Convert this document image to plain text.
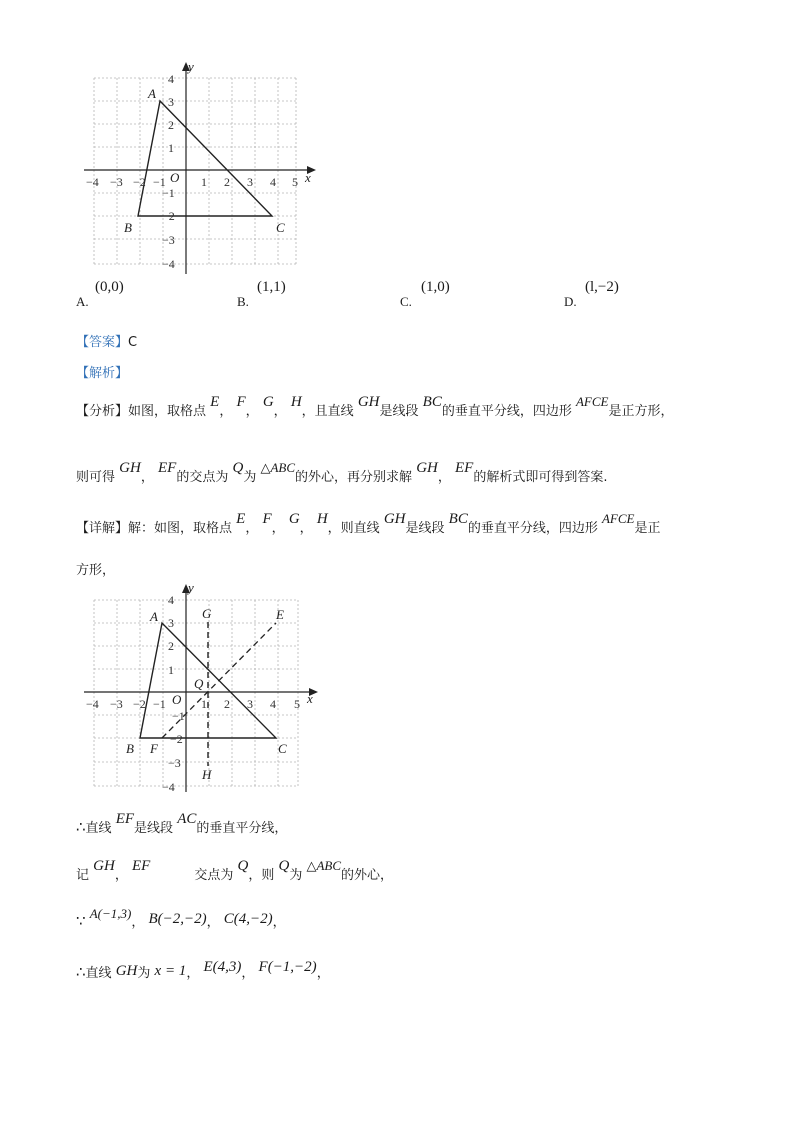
y
x
O
−4 −3 −2 −1	1 2 3 4 5
4
3
2
1
−1
−2
−3
−4
A
B	C
A.
(0,0)
B.
(1,1)
C.
(1,0)
D.
(l,−2)
【答案】C
【解析】
【分析】如图，取格点 E， F， G， H，且直线 GH是线段 BC的垂直平分线，四边形 AFCE是正方形，
则可得 GH， EF的交点为 Q为 △ABC的外心，再分别求解 GH， EF的解析式即可得到答案.
【详解】解：如图，取格点 E， F， G， H，则直线 GH是线段 BC的垂直平分线，四边形 AFCE是正
方形，
y
x
O
−4 −3 −2 −1	1 2 3 4 5
4
3
2
1
−1
−2
−3
−4
A
B	C
E
F
G
H
Q
∴直线 EF是线段 AC的垂直平分线，
记 GH， EF交点为 Q，则 Q为 △ABC的外心，
∵ A(−1,3)， B(−2,−2)， C(4,−2)，
∴直线 GH为 x = 1， E(4,3)， F(−1,−2)，
